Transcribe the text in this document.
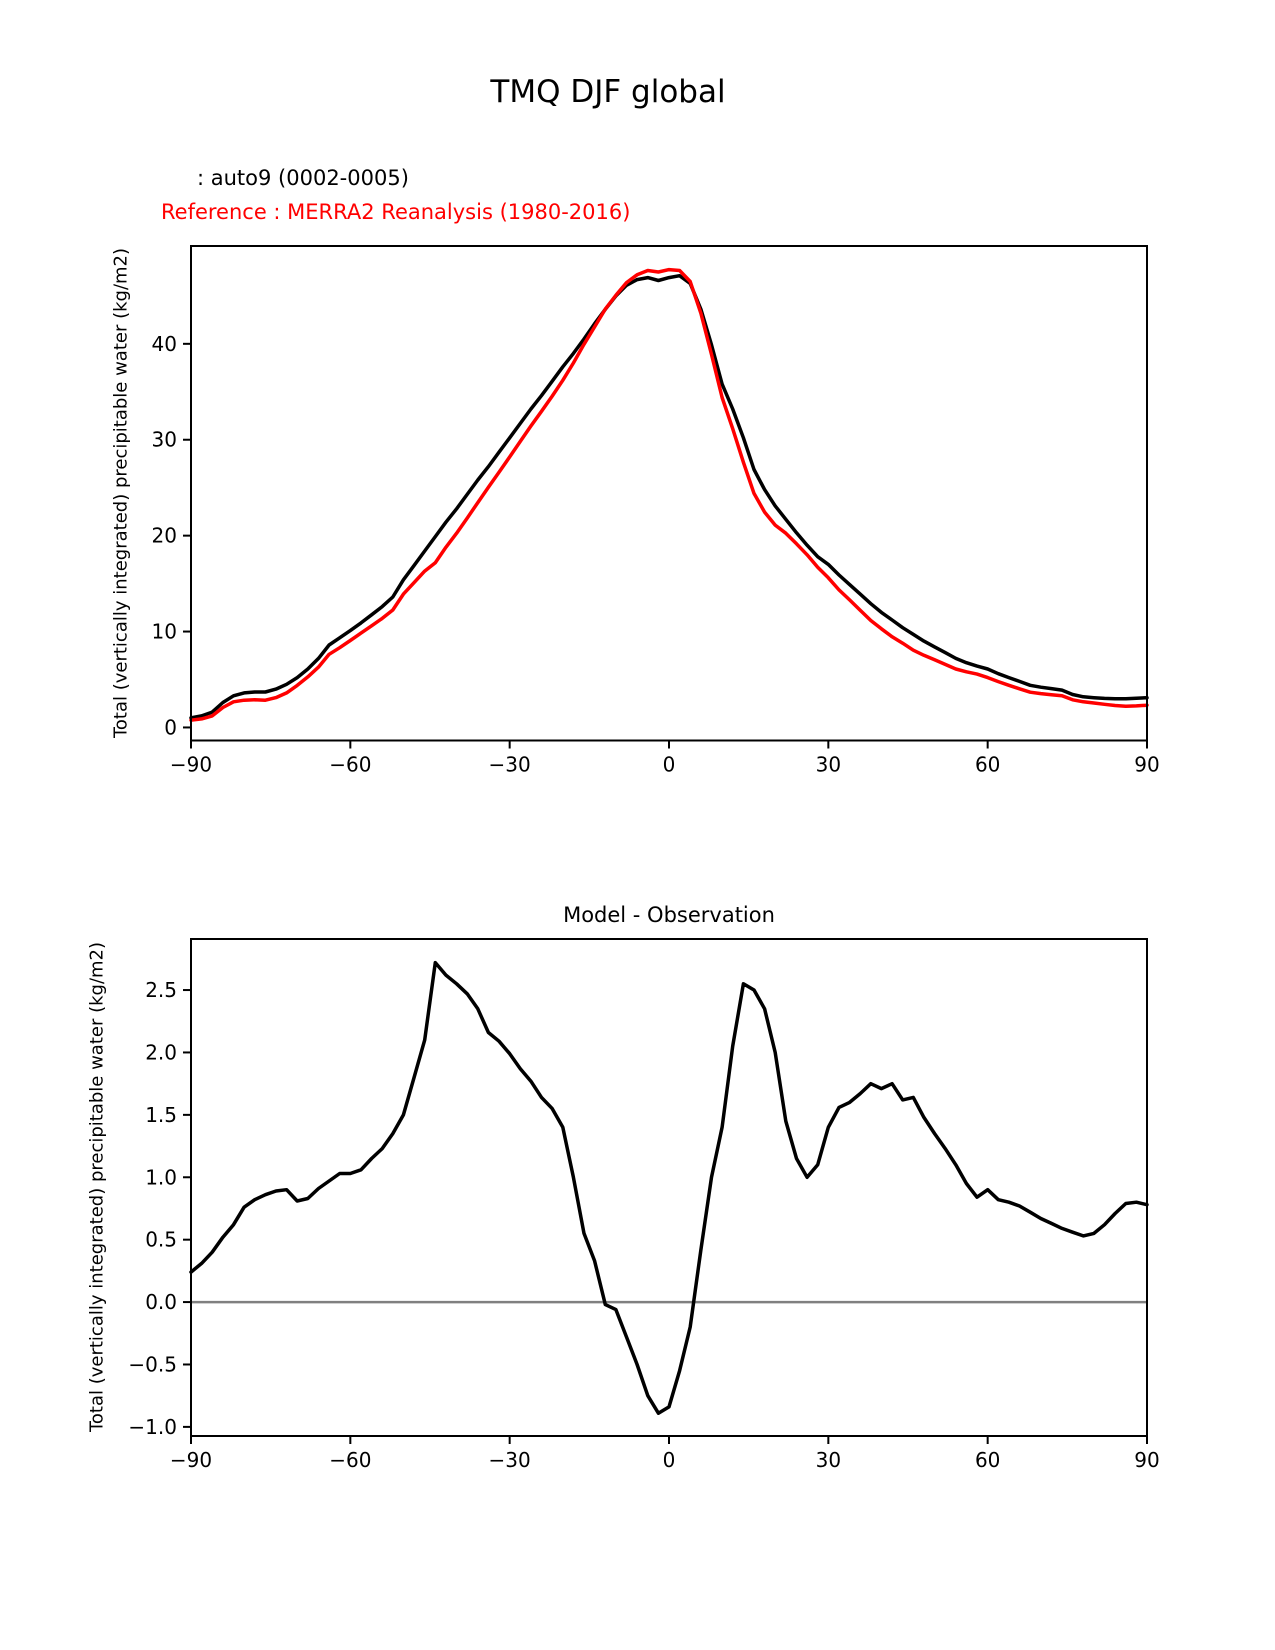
TMQ DJF global
: auto9 (0002-0005)
Reference : MERRA2 Reanalysis (1980-2016)
Total (vertically integrated) precipitable water (kg/m2)
Model - Observation
Total (vertically integrated) precipitable water (kg/m2)
−90	−60	−30	0	30	60	90
0
10
20
30
40
−90	−60	−30	0	30	60	90
−1.0
−0.5
0.0
0.5
1.0
1.5
2.0
2.5
